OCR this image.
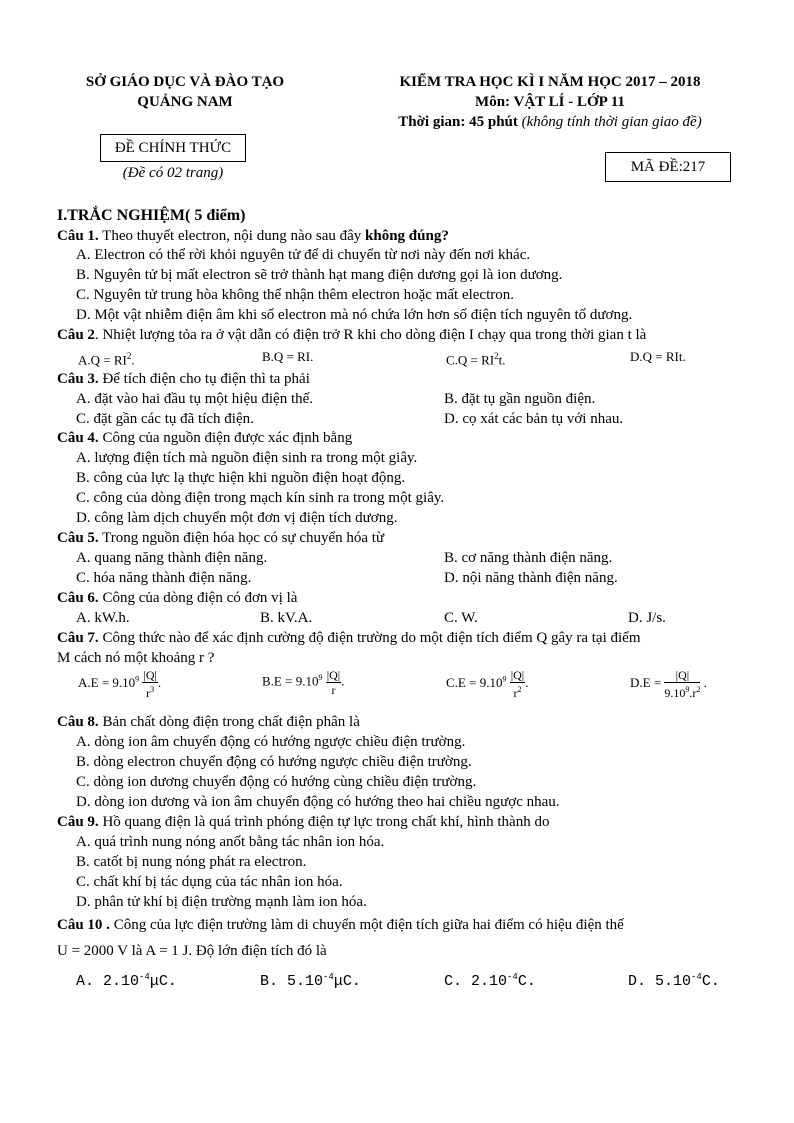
SỞ GIÁO DỤC VÀ ĐÀO TẠO
QUẢNG NAM
KIỂM TRA HỌC KÌ I NĂM HỌC 2017 – 2018
Môn: VẬT LÍ - LỚP 11
Thời gian: 45 phút (không tính thời gian giao đề)
ĐỀ CHÍNH THỨC
(Đề có 02 trang)	MÃ ĐỀ:217
I.TRẮC NGHIỆM( 5 điểm)
Câu 1. Theo thuyết electron, nội dung nào sau đây không đúng?
A. Electron có thể rời khỏi nguyên tử để di chuyển từ nơi này đến nơi khác.
B. Nguyên tử bị mất electron sẽ trở thành hạt mang điện dương gọi là ion dương.
C. Nguyên tử trung hòa không thể nhận thêm electron hoặc mất electron.
D. Một vật nhiễm điện âm khi số electron mà nó chứa lớn hơn số điện tích nguyên tố dương.
Câu 2. Nhiệt lượng tỏa ra ở vật dẫn có điện trở R khi cho dòng điện I chạy qua trong thời gian t là
$A.Q = RI^2$.	B.Q = RI.	$C.Q = RI^2t$.	D.Q = RIt.
Câu 3. Để tích điện cho tụ điện thì ta phải
A. đặt vào hai đầu tụ một hiệu điện thế.	B. đặt tụ gần nguồn điện.
C. đặt gần các tụ đã tích điện.	D. cọ xát các bản tụ với nhau.
Câu 4. Công của nguồn điện được xác định bằng
A. lượng điện tích mà nguồn điện sinh ra trong một giây.
B. công của lực lạ thực hiện khi nguồn điện hoạt động.
C. công của dòng điện trong mạch kín sinh ra trong một giây.
D. công làm dịch chuyển một đơn vị điện tích dương.
Câu 5. Trong nguồn điện hóa học có sự chuyển hóa từ
A. quang năng thành điện năng.	B. cơ năng thành điện năng.
C. hóa năng thành điện năng.	D. nội năng thành điện năng.
Câu 6. Công của dòng điện có đơn vị là
A. kW.h.	B. kV.A.	C. W.	D. J/s.
Câu 7. Công thức nào để xác định cường độ điện trường do một điện tích điểm Q gây ra tại điểm
M cách nó một khoảng r ?
$A.E = 9.10^9 \frac{|Q|}{r^3}$ .	$B.E = 9.10^9 \frac{|Q|}{r}$ .	$C.E = 9.10^9 \frac{|Q|}{r^2}$ .	$D.E = \frac{|Q|}{9.10^9.r^2}$ .
Câu 8. Bản chất dòng điện trong chất điện phân là
A. dòng ion âm chuyển động có hướng ngược chiều điện trường.
B. dòng electron chuyển động có hướng ngược chiều điện trường.
C. dòng ion dương chuyển động có hướng cùng chiều điện trường.
D. dòng ion dương và ion âm chuyển động có hướng theo hai chiều ngược nhau.
Câu 9. Hồ quang điện là quá trình phóng điện tự lực trong chất khí, hình thành do
A. quá trình nung nóng anốt bằng tác nhân ion hóa.
B. catốt bị nung nóng phát ra electron.
C. chất khí bị tác dụng của tác nhân ion hóa.
D. phân tử khí bị điện trường mạnh làm ion hóa.
Câu 10 . Công của lực điện trường làm di chuyển một điện tích giữa hai điểm có hiệu điện thế
U = 2000 V là A = 1 J. Độ lớn điện tích đó là
A. $2.10^{-4}\mu C$.	B. $5.10^{-4}\mu C$.	C. $2.10^{-4}C$.	D. $5.10^{-4}C$.
